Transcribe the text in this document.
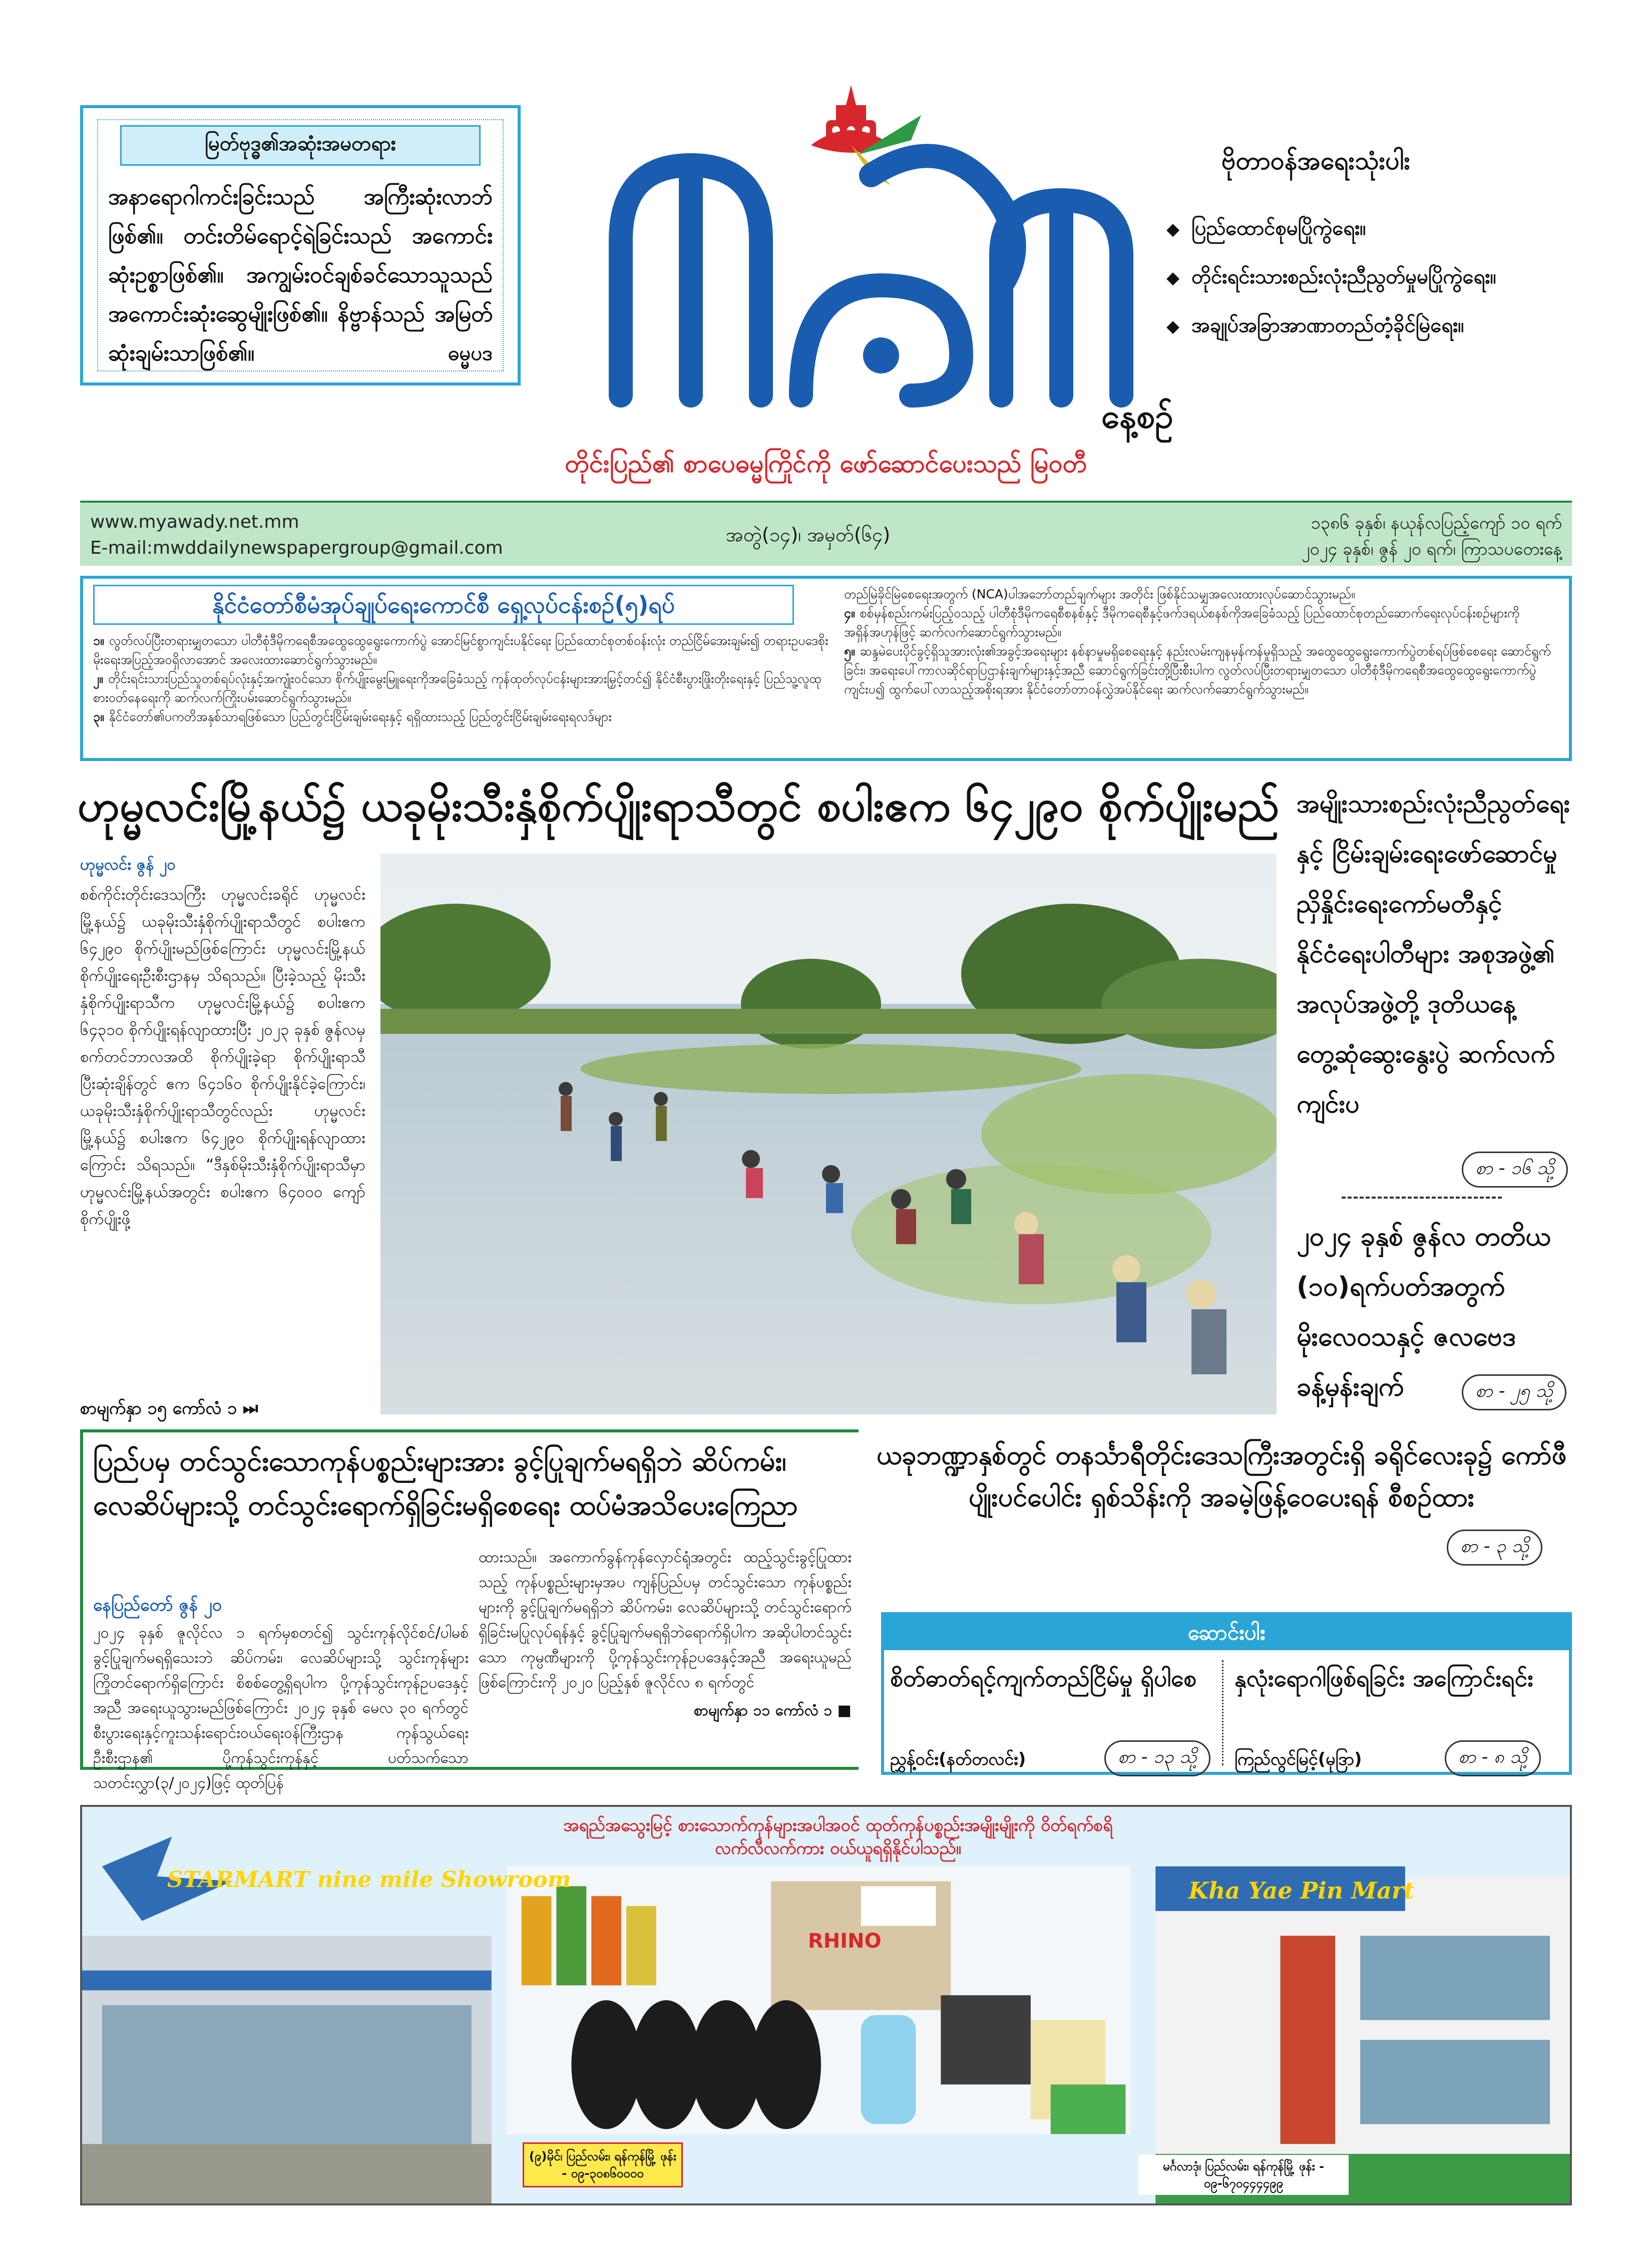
မြတ်ဗုဒ္ဓ၏အဆုံးအမတရား

အနာရောဂါကင်းခြင်းသည် အကြီးဆုံးလာဘ်ဖြစ်၏။ တင်းတိမ်ရောင့်ရဲခြင်းသည် အကောင်းဆုံးဥစ္စာဖြစ်၏။ အကျွမ်းဝင်ချစ်ခင်သောသူသည် အကောင်းဆုံးဆွေမျိုးဖြစ်၏။ နိဗ္ဗာန်သည် အမြတ်ဆုံးချမ်းသာဖြစ်၏။	ဓမ္မပဒ

နေ့စဉ်
တိုင်းပြည်၏ စာပေဓမ္မကြိုင်ကို ဖော်ဆောင်ပေးသည် မြဝတီ
ဗိုတာဝန်အရေးသုံးပါး
◆ ပြည်ထောင်စုမပြိုကွဲရေး။
◆ တိုင်းရင်းသားစည်းလုံးညီညွတ်မှုမပြိုကွဲရေး။
◆ အချုပ်အခြာအာဏာတည်တံ့ခိုင်မြဲရေး။
www.myawady.net.mm
E-mail:mwddailynewspapergroup@gmail.com
အတွဲ(၁၄)၊ အမှတ်(၆၄)
၁၃၈၆ ခုနှစ်၊ နယုန်လပြည့်ကျော် ၁၀ ရက်
၂၀၂၄ ခုနှစ်၊ ဇွန် ၂၀ ရက်၊ ကြာသပတေးနေ့
နိုင်ငံတော်စီမံအုပ်ချုပ်ရေးကောင်စီ ရှေ့လုပ်ငန်းစဉ်(၅)ရပ်

၁။ လွတ်လပ်ပြီးတရားမျှတသော ပါတီစုံဒီမိုကရေစီအထွေထွေရွေးကောက်ပွဲ အောင်မြင်စွာကျင်းပနိုင်ရေး ပြည်ထောင်စုတစ်ဝန်းလုံး တည်ငြိမ်အေးချမ်း၍ တရားဥပဒေစိုးမိုးရေးအပြည့်အဝရှိလာအောင် အလေးထားဆောင်ရွက်သွားမည်။

၂။ တိုင်းရင်းသားပြည်သူတစ်ရပ်လုံးနှင့်အကျုံးဝင်သော စိုက်ပျိုးမွေးမြူရေးကိုအခြေခံသည့် ကုန်ထုတ်လုပ်ငန်းများအားမြှင့်တင်၍ နိုင်ငံစီးပွားဖြိုးတိုးရေးနှင့် ပြည်သူ့လူထုစားဝတ်နေရေးကို ဆက်လက်ကြိုးပမ်းဆောင်ရွက်သွားမည်။

၃။ နိုင်ငံတော်၏ပကတိအနှစ်သာရဖြစ်သော ပြည်တွင်းငြိမ်းချမ်းရေးနှင့် ရရှိထားသည့် ပြည်တွင်းငြိမ်းချမ်းရေးရလဒ်များ

တည်မြဲခိုင်မြဲစေရေးအတွက် (NCA)ပါအဘော်တည်ချက်များ အတိုင်း ဖြစ်နိုင်သမျှအလေးထားလုပ်ဆောင်သွားမည်။

၄။ စစ်မှန်စည်းကမ်းပြည့်ဝသည့် ပါတီစုံဒီမိုကရေစီစနစ်နှင့် ဒီမိုကရေစီနှင့်ဖက်ဒရယ်စနစ်ကိုအခြေခံသည့် ပြည်ထောင်စုတည်ဆောက်ရေးလုပ်ငန်းစဉ်များကို အရှိန်အဟုန်ဖြင့် ဆက်လက်ဆောင်ရွက်သွားမည်။

၅။ ဆန္ဒမဲပေးပိုင်ခွင့်ရှိသူအားလုံး၏အခွင့်အရေးများ နစ်နာမှုမရှိစေရေးနှင့် နည်းလမ်းကျနမှန်ကန်မှုရှိသည့် အထွေထွေရွေးကောက်ပွဲတစ်ရပ်ဖြစ်စေရေး ဆောင်ရွက်ခြင်း၊ အရေးပေါ်ကာလဆိုင်ရာပြဌာန်းချက်များနှင့်အညီ ဆောင်ရွက်ခြင်းတို့ပြီးစီးပါက လွတ်လပ်ပြီးတရားမျှတသော ပါတီစုံဒီမိုကရေစီအထွေထွေရွေးကောက်ပွဲကျင်းပ၍ ထွက်ပေါ်လာသည့်အစိုးရအား နိုင်ငံတော်တာဝန်လွှဲအပ်နိုင်ရေး ဆက်လက်ဆောင်ရွက်သွားမည်။

ဟုမ္မလင်းမြို့နယ်၌ ယခုမိုးသီးနှံစိုက်ပျိုးရာသီတွင် စပါးဧက ၆၄၂၉၀ စိုက်ပျိုးမည်
ဟုမ္မလင်း ဇွန် ၂၀
စစ်ကိုင်းတိုင်းဒေသကြီး ဟုမ္မလင်းခရိုင် ဟုမ္မလင်းမြို့နယ်၌ ယခုမိုးသီးနှံစိုက်ပျိုးရာသီတွင် စပါးဧက ၆၄၂၉၀ စိုက်ပျိုးမည်ဖြစ်ကြောင်း ဟုမ္မလင်းမြို့နယ် စိုက်ပျိုးရေးဦးစီးဌာနမှ သိရသည်။ ပြီးခဲ့သည့် မိုးသီးနှံစိုက်ပျိုးရာသီက ဟုမ္မလင်းမြို့နယ်၌ စပါးဧက ၆၄၃၁၀ စိုက်ပျိုးရန်လျာထားပြီး ၂၀၂၃ ခုနှစ် ဇွန်လမှ စက်တင်ဘာလအထိ စိုက်ပျိုးခဲ့ရာ စိုက်ပျိုးရာသီပြီးဆုံးချိန်တွင် ဧက ၆၄၁၆၀ စိုက်ပျိုးနိုင်ခဲ့ကြောင်း၊ ယခုမိုးသီးနှံစိုက်ပျိုးရာသီတွင်လည်း ဟုမ္မလင်းမြို့နယ်၌ စပါးဧက ၆၄၂၉၀ စိုက်ပျိုးရန်လျာထားကြောင်း သိရသည်။ “ဒီနှစ်မိုးသီးနှံစိုက်ပျိုးရာသီမှာ ဟုမ္မလင်းမြို့နယ်အတွင်း စပါးဧက ၆၄၀၀၀ ကျော်စိုက်ပျိုးဖို့
စာမျက်နှာ ၁၅ ကော်လံ ၁ ⏭
အမျိုးသားစည်းလုံးညီညွတ်ရေးနှင့် ငြိမ်းချမ်းရေးဖော်ဆောင်မှုညှိနှိုင်းရေးကော်မတီနှင့် နိုင်ငံရေးပါတီများ အစုအဖွဲ့၏ အလုပ်အဖွဲ့တို့ ဒုတိယနေ့ တွေ့ဆုံဆွေးနွေးပွဲ ဆက်လက်ကျင်းပ
စာ - ၁၆ သို့
၂၀၂၄ ခုနှစ် ဇွန်လ တတိယ (၁၀)ရက်ပတ်အတွက် မိုးလေဝသနှင့် ဇလဗေဒ ခန့်မှန်းချက်	စာ - ၂၅ သို့
ပြည်ပမှ တင်သွင်းသောကုန်ပစ္စည်းများအား ခွင့်ပြုချက်မရရှိဘဲ ဆိပ်ကမ်း၊ လေဆိပ်များသို့ တင်သွင်းရောက်ရှိခြင်းမရှိစေရေး ထပ်မံအသိပေးကြေညာ
နေပြည်တော် ဇွန် ၂၀
၂၀၂၄ ခုနှစ် ဇူလိုင်လ ၁ ရက်မှစတင်၍ သွင်းကုန်လိုင်စင်/ပါမစ် ခွင့်ပြုချက်မရရှိသေးဘဲ ဆိပ်ကမ်း၊ လေဆိပ်များသို့ သွင်းကုန်များ ကြိုတင်ရောက်ရှိကြောင်း စိစစ်တွေ့ရှိရပါက ပို့ကုန်သွင်းကုန်ဥပဒေနှင့်အညီ အရေးယူသွားမည်ဖြစ်ကြောင်း ၂၀၂၄ ခုနှစ် မေလ ၃၀ ရက်တွင် စီးပွားရေးနှင့်ကူးသန်းရောင်းဝယ်ရေးဝန်ကြီးဌာန ကုန်သွယ်ရေးဦးစီးဌာန၏ ပို့ကုန်သွင်းကုန်နှင့် ပတ်သက်သောသတင်းလွှာ(၃/၂၀၂၄)ဖြင့် ထုတ်ပြန်
ထားသည်။ အကောက်ခွန်ကုန်လှောင်ရုံအတွင်း ထည့်သွင်းခွင့်ပြုထားသည့် ကုန်ပစ္စည်းများမှအပ ကျန်ပြည်ပမှ တင်သွင်းသော ကုန်ပစ္စည်းများကို ခွင့်ပြုချက်မရရှိဘဲ ဆိပ်ကမ်း၊ လေဆိပ်များသို့ တင်သွင်းရောက်ရှိခြင်းမပြုလုပ်ရန်နှင့် ခွင့်ပြုချက်မရရှိဘဲရောက်ရှိပါက အဆိုပါတင်သွင်းသော ကုမ္ပဏီများကို ပို့ကုန်သွင်းကုန်ဥပဒေနှင့်အညီ အရေးယူမည်ဖြစ်ကြောင်းကို ၂၀၂၀ ပြည့်နှစ် ဇူလိုင်လ ၈ ရက်တွင်

စာမျက်နှာ ၁၁ ကော်လံ ၁ ■
ယခုဘဏ္ဍာနှစ်တွင် တနင်္သာရီတိုင်းဒေသကြီးအတွင်းရှိ ခရိုင်လေးခု၌ ကော်ဖီပျိုးပင်ပေါင်း ရှစ်သိန်းကို အခမဲ့ဖြန့်ဝေပေးရန် စီစဉ်ထား
စာ - ၃ သို့
ဆောင်းပါး
စိတ်ဓာတ်ရင့်ကျက်တည်ငြိမ်မှု ရှိပါစေ	နှလုံးရောဂါဖြစ်ရခြင်း အကြောင်းရင်း
ညွှန့်ဝင်း(နတ်တလင်း)	စာ - ၁၃ သို့	ကြည်လွင်မြင့်(မုဒြာ)	စာ - ၈ သို့
အရည်အသွေးမြင့် စားသောက်ကုန်များအပါအဝင် ထုတ်ကုန်ပစ္စည်းအမျိုးမျိုးကို ဝိတ်ရက်စရိ လက်လီလက်ကား ဝယ်ယူရရှိနိုင်ပါသည်။
STARMART nine mile Showroom	Kha Yae Pin Mart
RHINO
(၉)မိုင်၊ ပြည်လမ်း၊ ရန်ကုန်မြို့ ဖုန်း - ၀၉-၃၀၈၆၀၀၀၀	မင်္ဂလာဒုံ၊ ပြည်လမ်း၊ ရန်ကုန်မြို့ ဖုန်း - ၀၉-၆၇၀၄၄၄၄၉၉
